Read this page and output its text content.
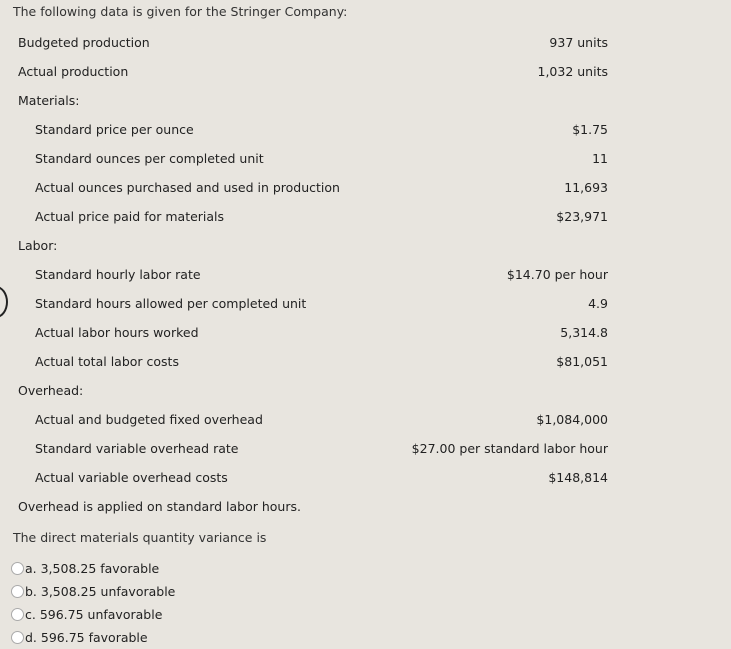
The following data is given for the Stringer Company:
Budgeted production	937 units
Actual production	1,032 units
Materials:
Standard price per ounce	$1.75
Standard ounces per completed unit	11
Actual ounces purchased and used in production	11,693
Actual price paid for materials	$23,971
Labor:
Standard hourly labor rate	$14.70 per hour
Standard hours allowed per completed unit	4.9
Actual labor hours worked	5,314.8
Actual total labor costs	$81,051
Overhead:
Actual and budgeted fixed overhead	$1,084,000
Standard variable overhead rate	$27.00 per standard labor hour
Actual variable overhead costs	$148,814
Overhead is applied on standard labor hours.
The direct materials quantity variance is
a. 3,508.25 favorable
b. 3,508.25 unfavorable
c. 596.75 unfavorable
d. 596.75 favorable
